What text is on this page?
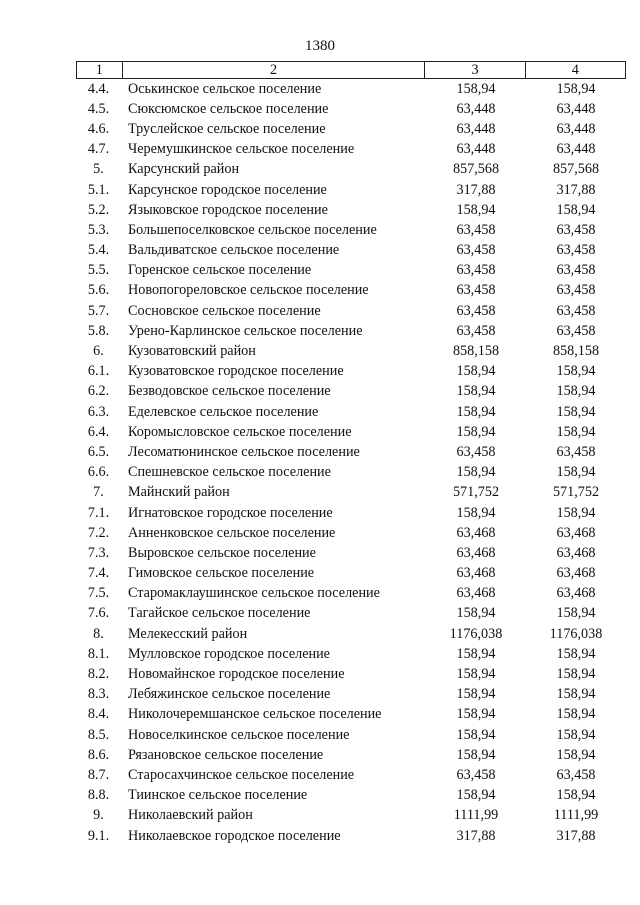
1380
1	2	3	4
4.4.	Оськинское сельское поселение	158,94	158,94
4.5.	Сюксюмское сельское поселение	63,448	63,448
4.6.	Труслейское сельское поселение	63,448	63,448
4.7.	Черемушкинское сельское поселение	63,448	63,448
5.	Карсунский район	857,568	857,568
5.1.	Карсунское городское поселение	317,88	317,88
5.2.	Языковское городское поселение	158,94	158,94
5.3.	Большепоселковское сельское поселение	63,458	63,458
5.4.	Вальдиватское сельское поселение	63,458	63,458
5.5.	Горенское сельское поселение	63,458	63,458
5.6.	Новопогореловское сельское поселение	63,458	63,458
5.7.	Сосновское сельское поселение	63,458	63,458
5.8.	Урено-Карлинское сельское поселение	63,458	63,458
6.	Кузоватовский район	858,158	858,158
6.1.	Кузоватовское городское поселение	158,94	158,94
6.2.	Безводовское сельское поселение	158,94	158,94
6.3.	Еделевское сельское поселение	158,94	158,94
6.4.	Коромысловское сельское поселение	158,94	158,94
6.5.	Лесоматюнинское сельское поселение	63,458	63,458
6.6.	Спешневское сельское поселение	158,94	158,94
7.	Майнский район	571,752	571,752
7.1.	Игнатовское городское поселение	158,94	158,94
7.2.	Анненковское сельское поселение	63,468	63,468
7.3.	Выровское сельское поселение	63,468	63,468
7.4.	Гимовское сельское поселение	63,468	63,468
7.5.	Старомаклаушинское сельское поселение	63,468	63,468
7.6.	Тагайское сельское поселение	158,94	158,94
8.	Мелекесский район	1176,038	1176,038
8.1.	Мулловское городское поселение	158,94	158,94
8.2.	Новомайнское городское поселение	158,94	158,94
8.3.	Лебяжинское сельское поселение	158,94	158,94
8.4.	Николочеремшанское сельское поселение	158,94	158,94
8.5.	Новоселкинское сельское поселение	158,94	158,94
8.6.	Рязановское сельское поселение	158,94	158,94
8.7.	Старосахчинское сельское поселение	63,458	63,458
8.8.	Тиинское сельское поселение	158,94	158,94
9.	Николаевский район	1111,99	1111,99
9.1.	Николаевское городское поселение	317,88	317,88
